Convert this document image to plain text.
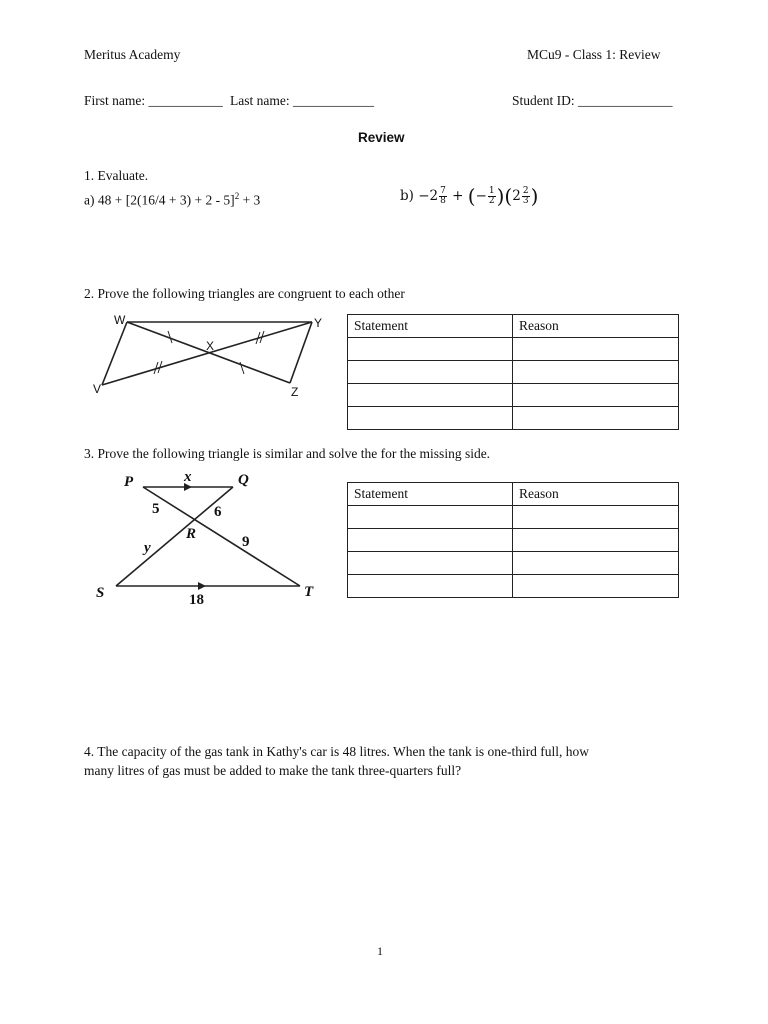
Meritus Academy	MCu9 - Class 1: Review
First name: ___________ Last name: ____________	Student ID: ______________
Review
1. Evaluate.
a) $48 + [2(16/4 + 3) + 2 - 5]^2 + 3$	$b) -2 \frac{7}{8}$ + (− $\frac{1}{2} )(2 \frac{2}{3}$ )
2. Prove the following triangles are congruent to each other
W	Y
X
V	Z
Statement	Reason

3. Prove the following triangle is similar and solve the for the missing side.
P	Q
x
R
y
S	T
5	6
9
18
Statement	Reason

4. The capacity of the gas tank in Kathy's car is 48 litres. When the tank is one-third full, how
many litres of gas must be added to make the tank three-quarters full?
1
